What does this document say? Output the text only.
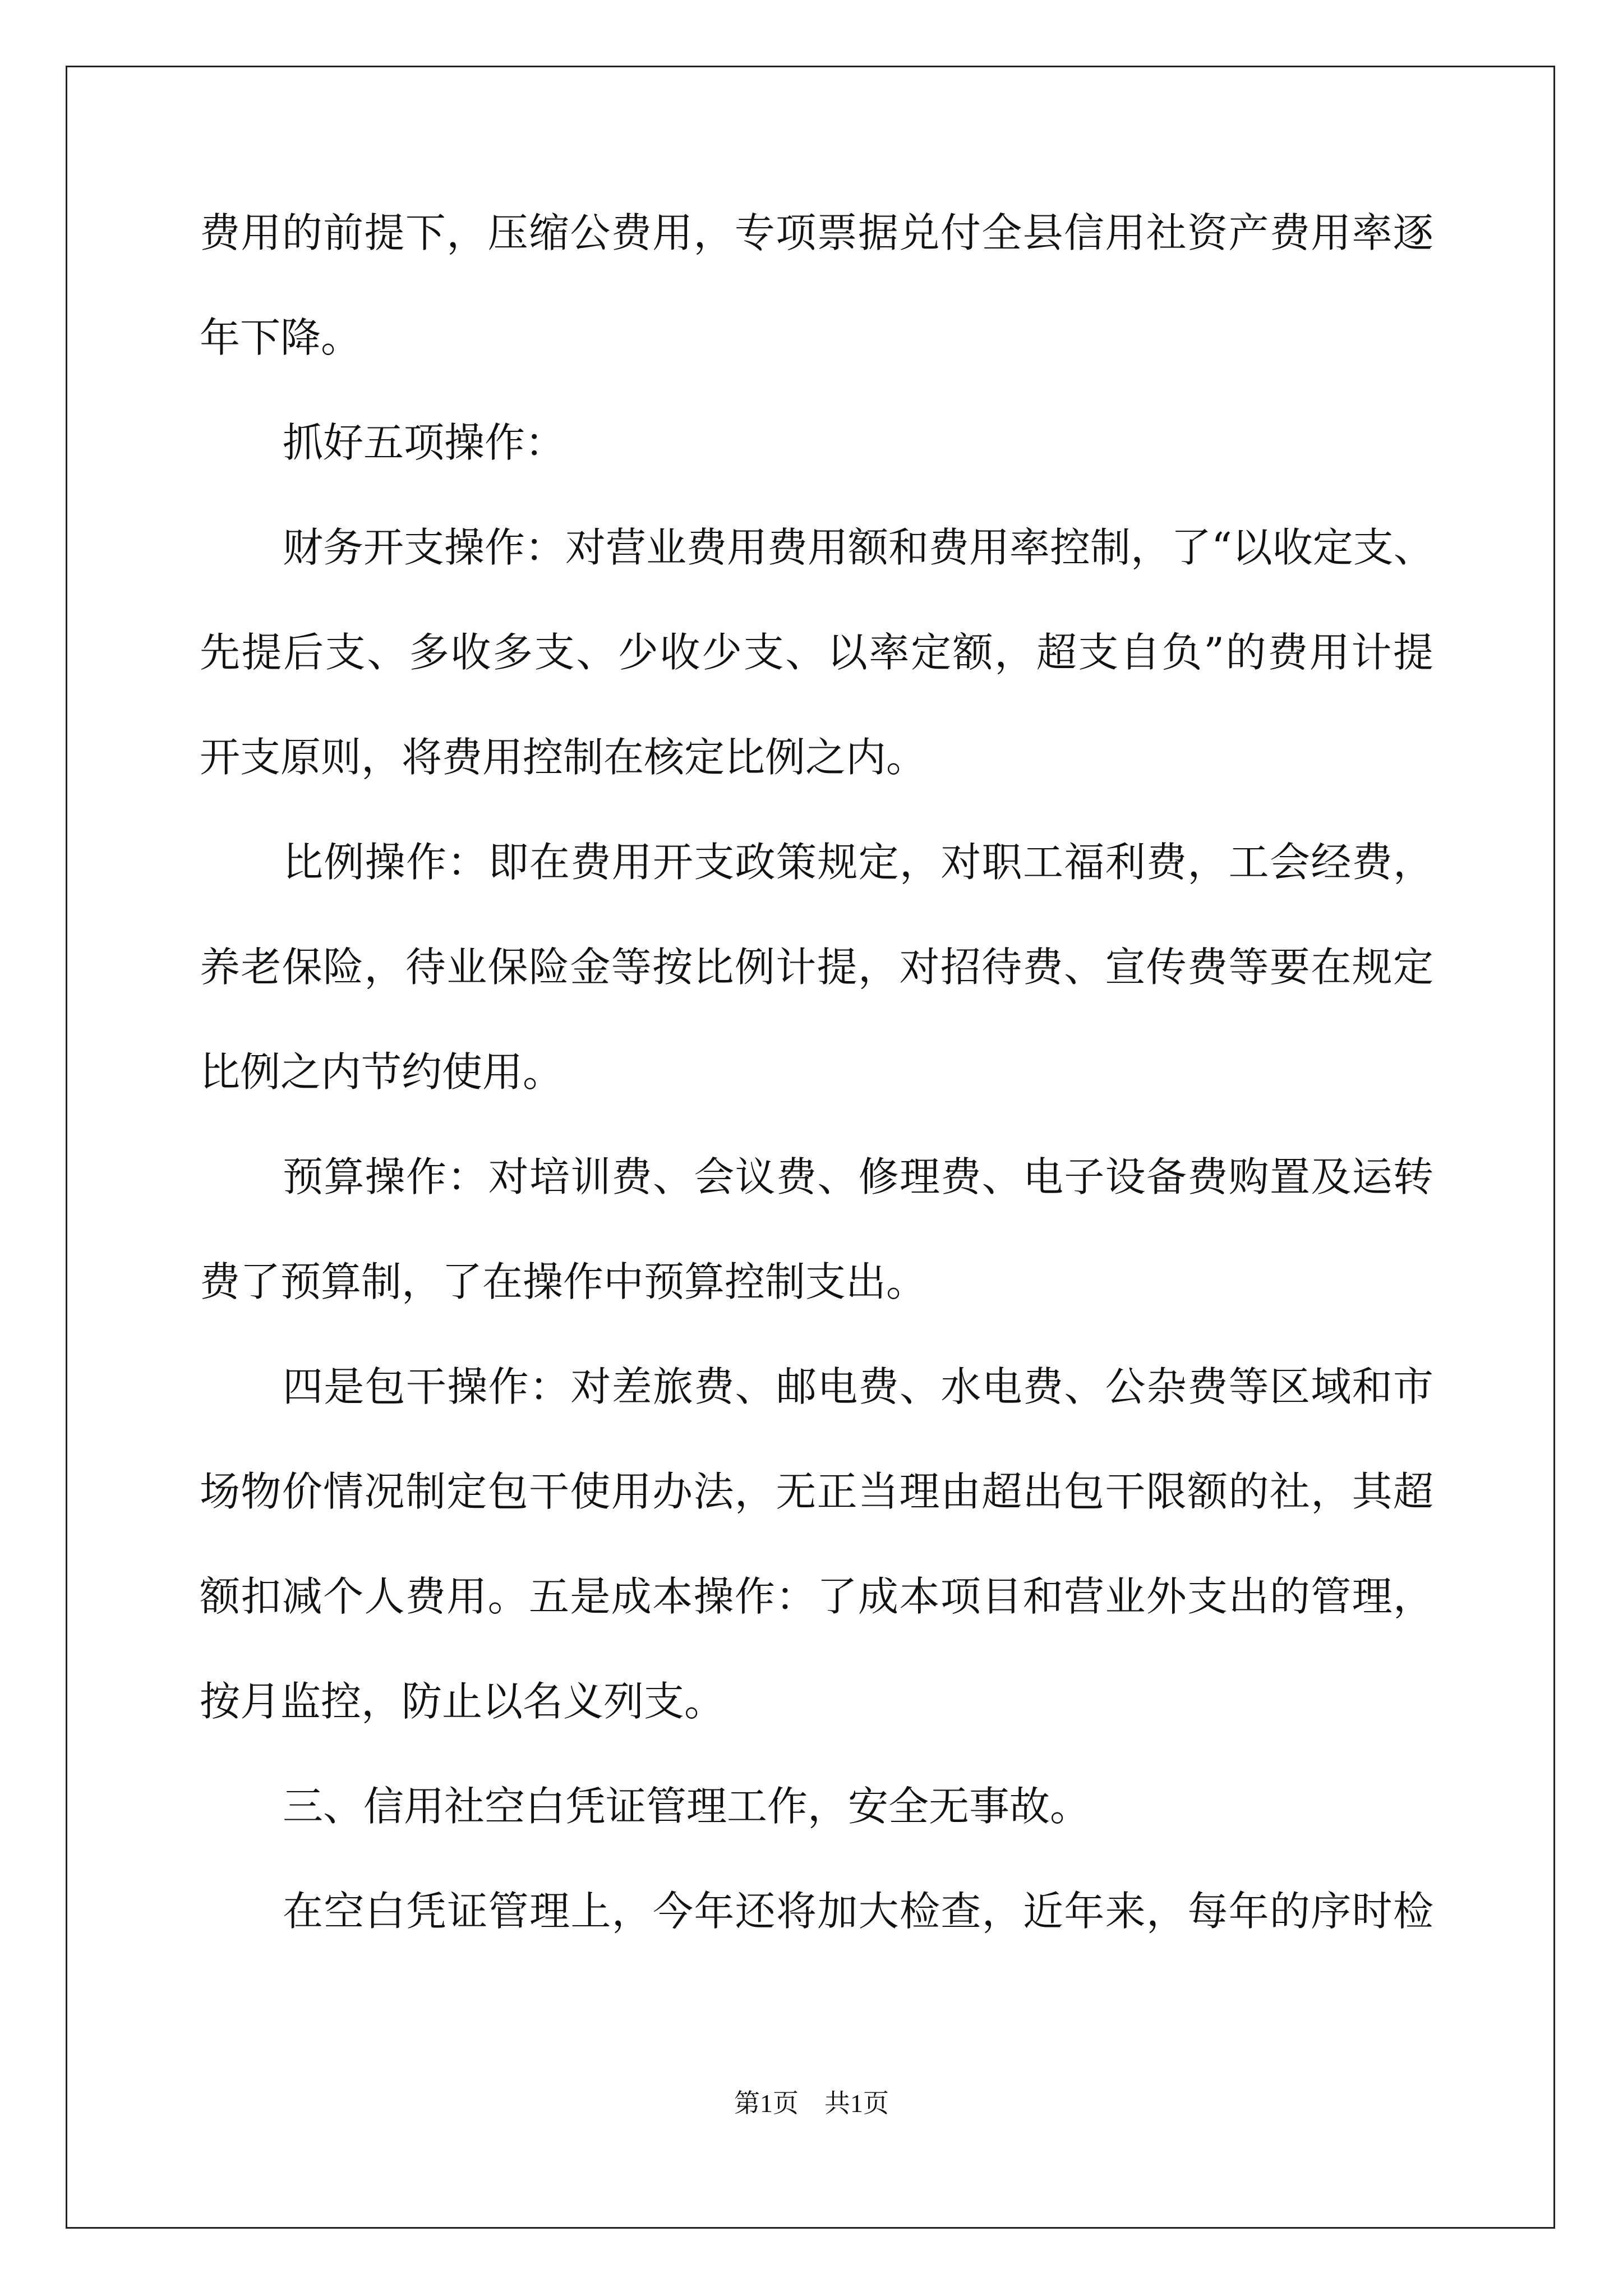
费用的前提下，压缩公费用，专项票据兑付全县信用社资产费用率逐
年下降。
抓好五项操作：
财务开支操作：对营业费用费用额和费用率控制，了“以收定支、
先提后支、多收多支、少收少支、以率定额，超支自负”的费用计提
开支原则，将费用控制在核定比例之内。
比例操作：即在费用开支政策规定，对职工福利费，工会经费，
养老保险，待业保险金等按比例计提，对招待费、宣传费等要在规定
比例之内节约使用。
预算操作：对培训费、会议费、修理费、电子设备费购置及运转
费了预算制，了在操作中预算控制支出。
四是包干操作：对差旅费、邮电费、水电费、公杂费等区域和市
场物价情况制定包干使用办法，无正当理由超出包干限额的社，其超
额扣减个人费用。五是成本操作：了成本项目和营业外支出的管理，
按月监控，防止以名义列支。
三、信用社空白凭证管理工作，安全无事故。
在空白凭证管理上，今年还将加大检查，近年来，每年的序时检
第1页    共1页
